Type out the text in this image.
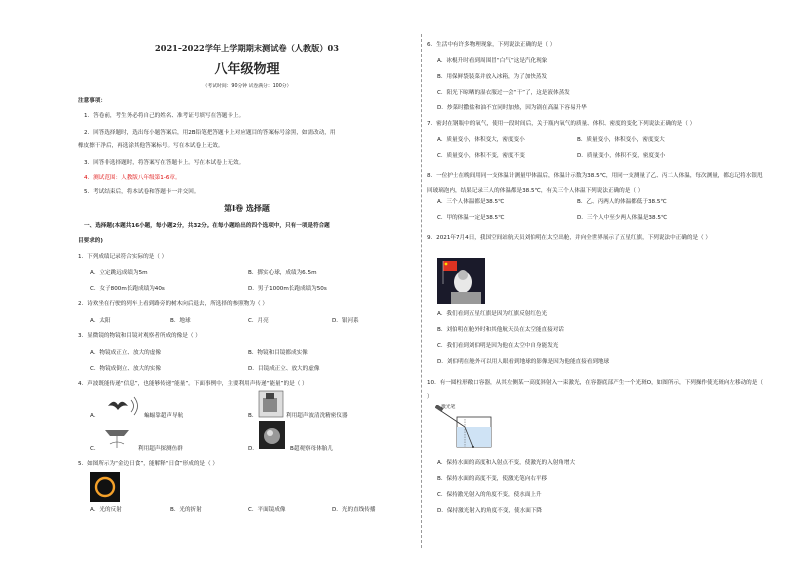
2021–2022学年上学期期末测试卷（人教版）03
八年级物理
（考试时间：90分钟 试卷满分：100分）
注意事项：
1．答卷前，考生务必将自己的姓名、准考证号填写在答题卡上。
2．回答选择题时，选出每小题答案后，用2B铅笔把答题卡上对应题目的答案标号涂黑，如需改动，用
橡皮擦干净后，再选涂其他答案标号。写在本试卷上无效。
3．回答非选择题时，将答案写在答题卡上。写在本试卷上无效。
4．测试范围：人教版八年级第1-6章。
5．考试结束后，将本试卷和答题卡一并交回。
第Ⅰ卷 选择题
一、选择题(本题共16小题，每小题2分，共32分。在每小题给出的四个选项中，只有一项是符合题
目要求的)
1．下列成绩记录符合实际的是（ ）
A．立定跳远成绩为5m	B．掷实心球，成绩为6.5m
C．女子800m长跑成绩为40s	D．男子1000m长跑成绩为50s
2．诗欢坐在行驶的列车上看到路旁的树木向后退去，所选择的参照物为（ ）
A．太阳	B．地球	C．月亮	D．银河系
3．显微镜的物镜和目镜对观察者所成的像是（ ）
A．物镜成正立、放大的虚像	B．物镜和目镜都成实像
C．物镜成倒立、放大的实像	D．目镜成正立、放大的虚像
4．声波既能传递“信息”，也能够传递“能量”。下面事例中，主要利用声传递“能量”的是（ ）
A．	蝙蝠靠超声导航	B．	利用超声波清洗精密仪器
C．	利用超声探测鱼群	D．	B超观察母体胎儿
5．如图所示为“金边日食”，能解释“日食”形成的是（ ）
A．光的反射	B．光的折射	C．平面镜成像	D．光的直线传播
6．生活中有许多物理现象，下列说法正确的是（ ）
A．冰棍升时看到周围冒“白气”这是汽化现象
B．用保鲜袋装菜并放入冰箱，为了加快蒸发
C．阳光下晾晒的湿衣服过一会“干”了，这是液体蒸发
D．炒菜时撒盐和油不宜同时加热，因为锅在高温下容易升华
7．密封在钢瓶中的氧气，使用一段时间后，关于瓶内氧气的质量、体积、密度的变化下列说法正确的是（ ）
A．质量变小，体积变大，密度变小	B．质量变小，体积变小，密度变大
C．质量变小，体积不变，密度不变	D．质量变小，体积不变，密度变小
8．一位护士在晚间用同一支体温计测量甲体温后，体温计示数为38.5℃，用同一支测量了乙、丙二人体温，每次测量，都忘记将水银甩回玻璃泡内，结果记录三人的体温都是38.5℃，有关三个人体温下列说法正确的是（ ）
A．三个人体温都是38.5℃	B．乙、丙两人的体温都低于38.5℃
C．甲的体温一定是38.5℃	D．三个人中至少两人体温是38.5℃
9．2021年7月4日，我国空间站航天员刘伯明在太空出舱，并向全世界展示了五星红旗，下列说法中正确的是（ ）
A．我们看到五星红旗是因为红旗反射红色光
B．刘伯明在舱外时和其他航天员在太空能直接对话
C．我们看到刘伯明是因为他在太空中自身能发光
D．刘伯明在舱外可以用人眼看到地球的影像是因为他能直接看到地球
10．有一圆柱形敞口容器，从其左侧某一高度斜射入一束激光，在容器底部产生一个光斑O，如图所示，下列操作使光斑向左移动的是（ ）
激光笔
A．保持水面的高度和入射点不变，使激光的入射角增大
B．保持水面的高度不变，使激光笔向右平移
C．保持激光射入的角度不变，使水面上升
D．保持激光射入的角度不变，使水面下降
